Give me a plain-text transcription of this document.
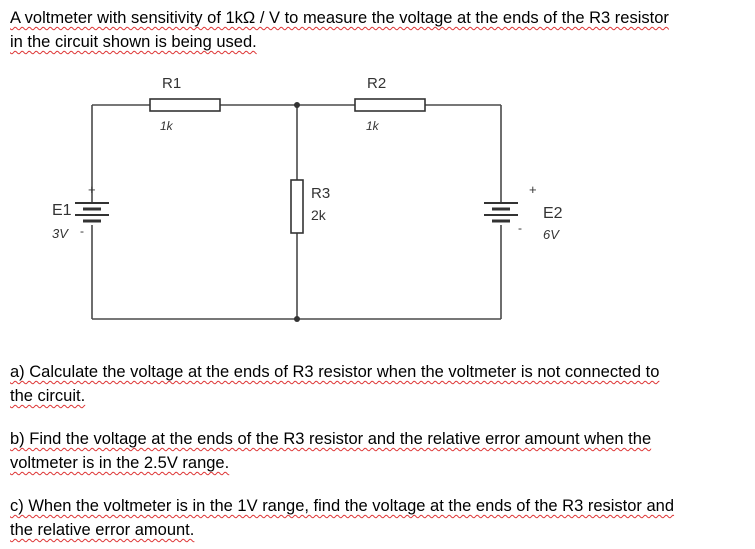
A voltmeter with sensitivity of 1kΩ / V to measure the voltage at the ends of the R3 resistor
in the circuit shown is being used.
R1
1k
R2
1k
R3
2k
E1
3V
+
-
E2
6V
+
-
a) Calculate the voltage at the ends of R3 resistor when the voltmeter is not connected to
the circuit.
b) Find the voltage at the ends of the R3 resistor and the relative error amount when the
voltmeter is in the 2.5V range.
c) When the voltmeter is in the 1V range, find the voltage at the ends of the R3 resistor and
the relative error amount.
